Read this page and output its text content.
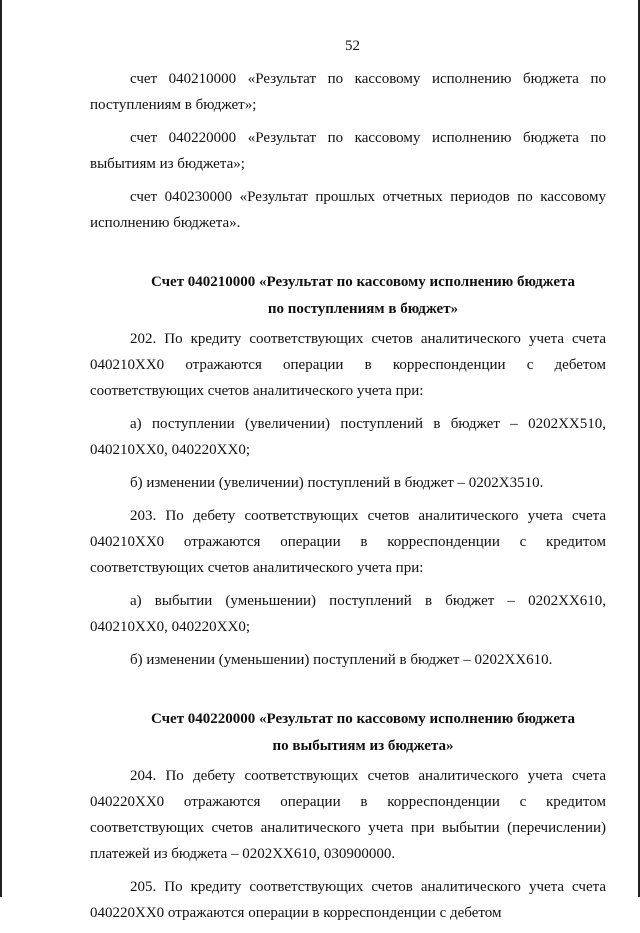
52

счет 040210000 «Результат по кассовому исполнению бюджета по поступлениям в бюджет»;

счет 040220000 «Результат по кассовому исполнению бюджета по выбытиям из бюджета»;

счет 040230000 «Результат прошлых отчетных периодов по кассовому исполнению бюджета».

Счет 040210000 «Результат по кассовому исполнению бюджета
по поступлениям в бюджет»

202. По кредиту соответствующих счетов аналитического учета счета 040210ХХ0 отражаются операции в корреспонденции с дебетом соответствующих счетов аналитического учета при:

а) поступлении (увеличении) поступлений в бюджет – 0202ХХ510, 040210ХХ0, 040220ХХ0;

б) изменении (увеличении) поступлений в бюджет – 0202Х3510.

203. По дебету соответствующих счетов аналитического учета счета 040210ХХ0 отражаются операции в корреспонденции с кредитом соответствующих счетов аналитического учета при:

а) выбытии (уменьшении) поступлений в бюджет – 0202ХХ610, 040210ХХ0, 040220ХХ0;

б) изменении (уменьшении) поступлений в бюджет – 0202ХХ610.

Счет 040220000 «Результат по кассовому исполнению бюджета
по выбытиям из бюджета»

204. По дебету соответствующих счетов аналитического учета счета 040220ХХ0 отражаются операции в корреспонденции с кредитом соответствующих счетов аналитического учета при выбытии (перечислении) платежей из бюджета – 0202ХХ610, 030900000.

205. По кредиту соответствующих счетов аналитического учета счета 040220ХХ0 отражаются операции в корреспонденции с дебетом
